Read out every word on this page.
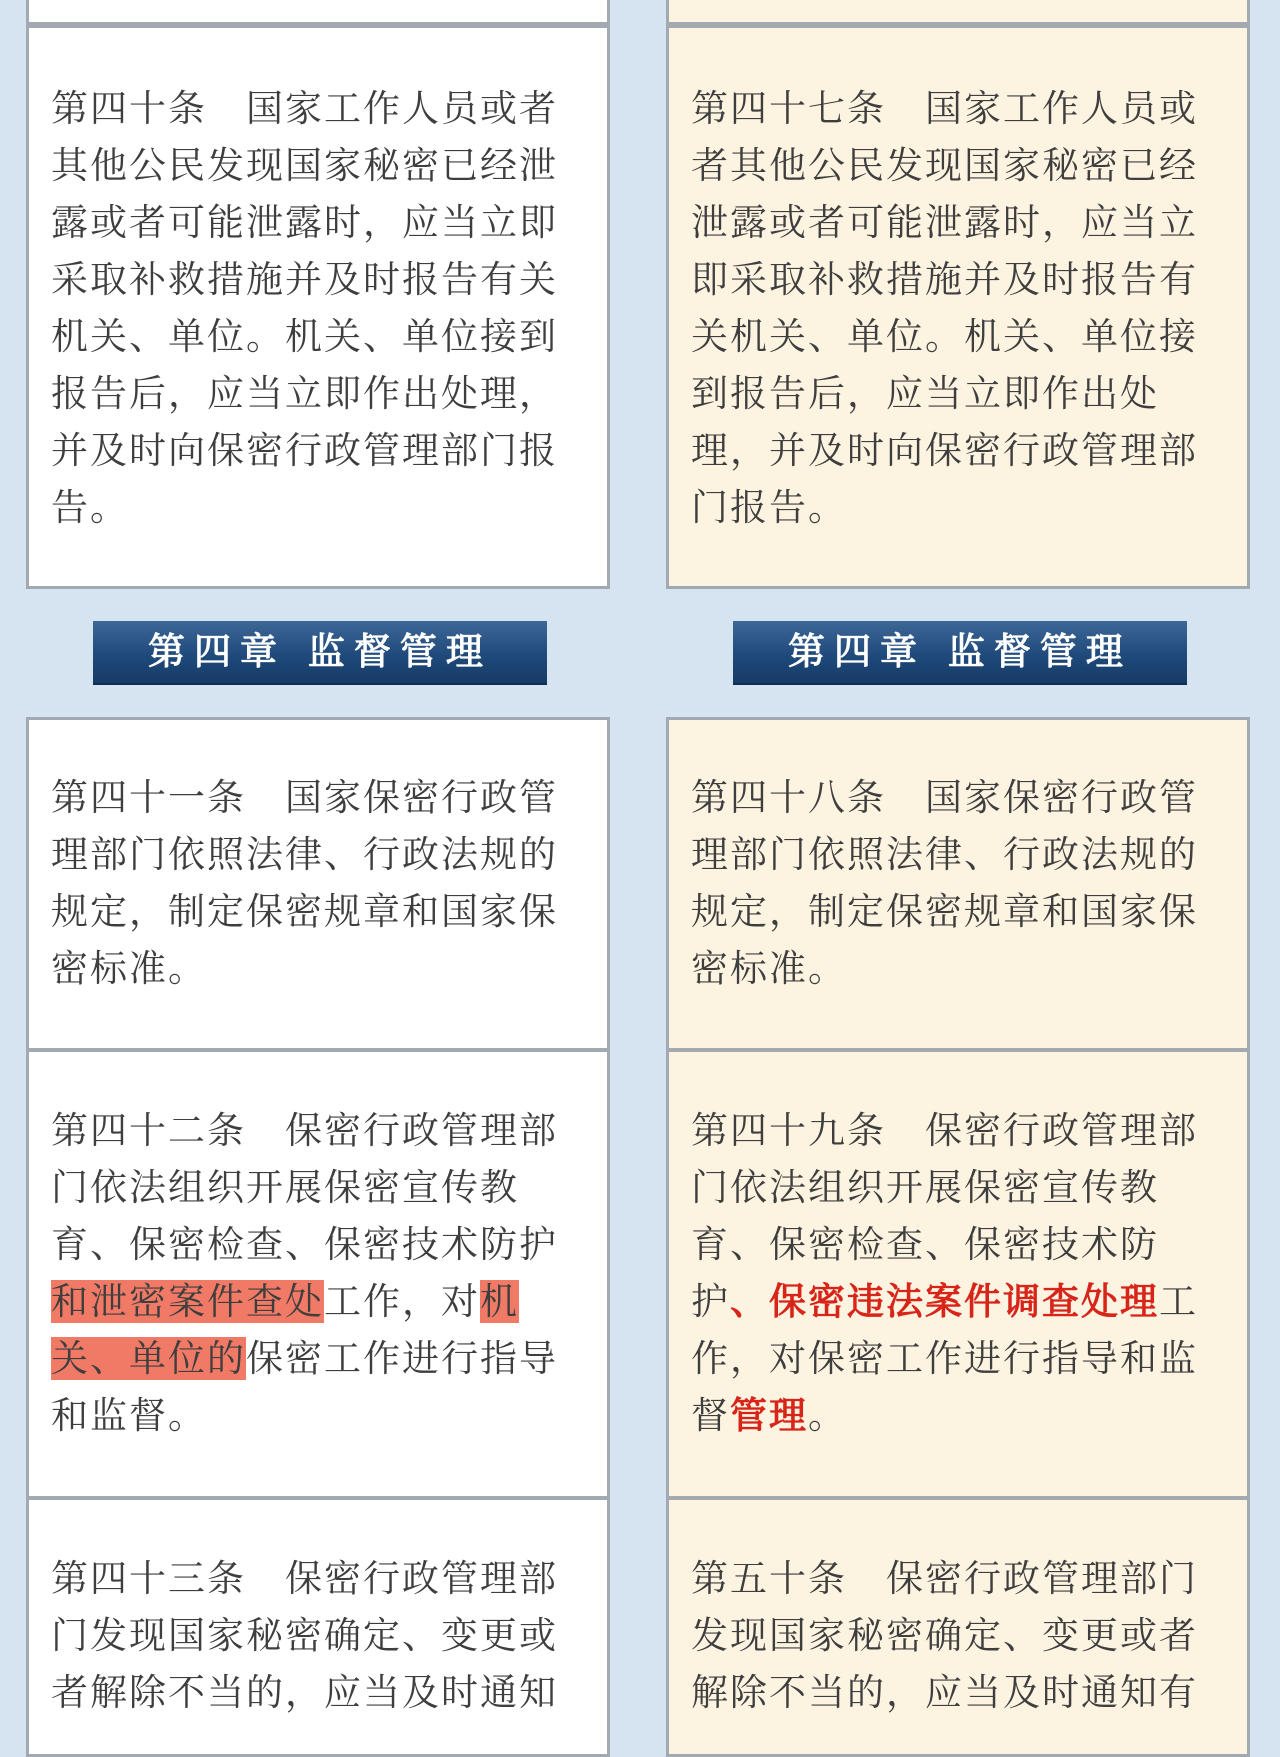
第四十条　国家工作人员或者其他公民发现国家秘密已经泄露或者可能泄露时，应当立即采取补救措施并及时报告有关机关、单位。机关、单位接到报告后，应当立即作出处理，并及时向保密行政管理部门报告。

第四章 监督管理

第四十一条　国家保密行政管理部门依照法律、行政法规的规定，制定保密规章和国家保密标准。

第四十二条　保密行政管理部门依法组织开展保密宣传教育、保密检查、保密技术防护和泄密案件查处工作，对机关、单位的保密工作进行指导和监督。

第四十三条　保密行政管理部门发现国家秘密确定、变更或者解除不当的，应当及时通知

第四十七条　国家工作人员或者其他公民发现国家秘密已经泄露或者可能泄露时，应当立即采取补救措施并及时报告有关机关、单位。机关、单位接到报告后，应当立即作出处理，并及时向保密行政管理部门报告。

第四章 监督管理

第四十八条　国家保密行政管理部门依照法律、行政法规的规定，制定保密规章和国家保密标准。

第四十九条　保密行政管理部门依法组织开展保密宣传教育、保密检查、保密技术防护、保密违法案件调查处理工作，对保密工作进行指导和监督管理。

第五十条　保密行政管理部门发现国家秘密确定、变更或者解除不当的，应当及时通知有
